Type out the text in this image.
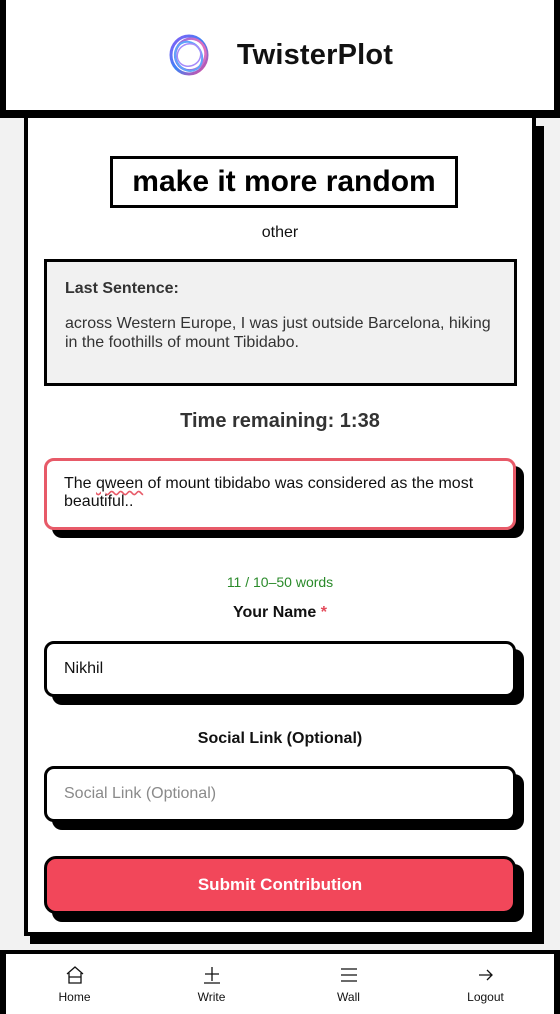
TwisterPlot
make it more random
other
Last Sentence:
across Western Europe, I was just outside Barcelona, hiking in the foothills of mount Tibidabo.
Time remaining: 1:38
The qween of mount tibidabo was considered as the most beautiful..
11 / 10–50 words
Your Name *
Nikhil
Social Link (Optional)
Social Link (Optional)
Submit Contribution
Home	Write	Wall	Logout
